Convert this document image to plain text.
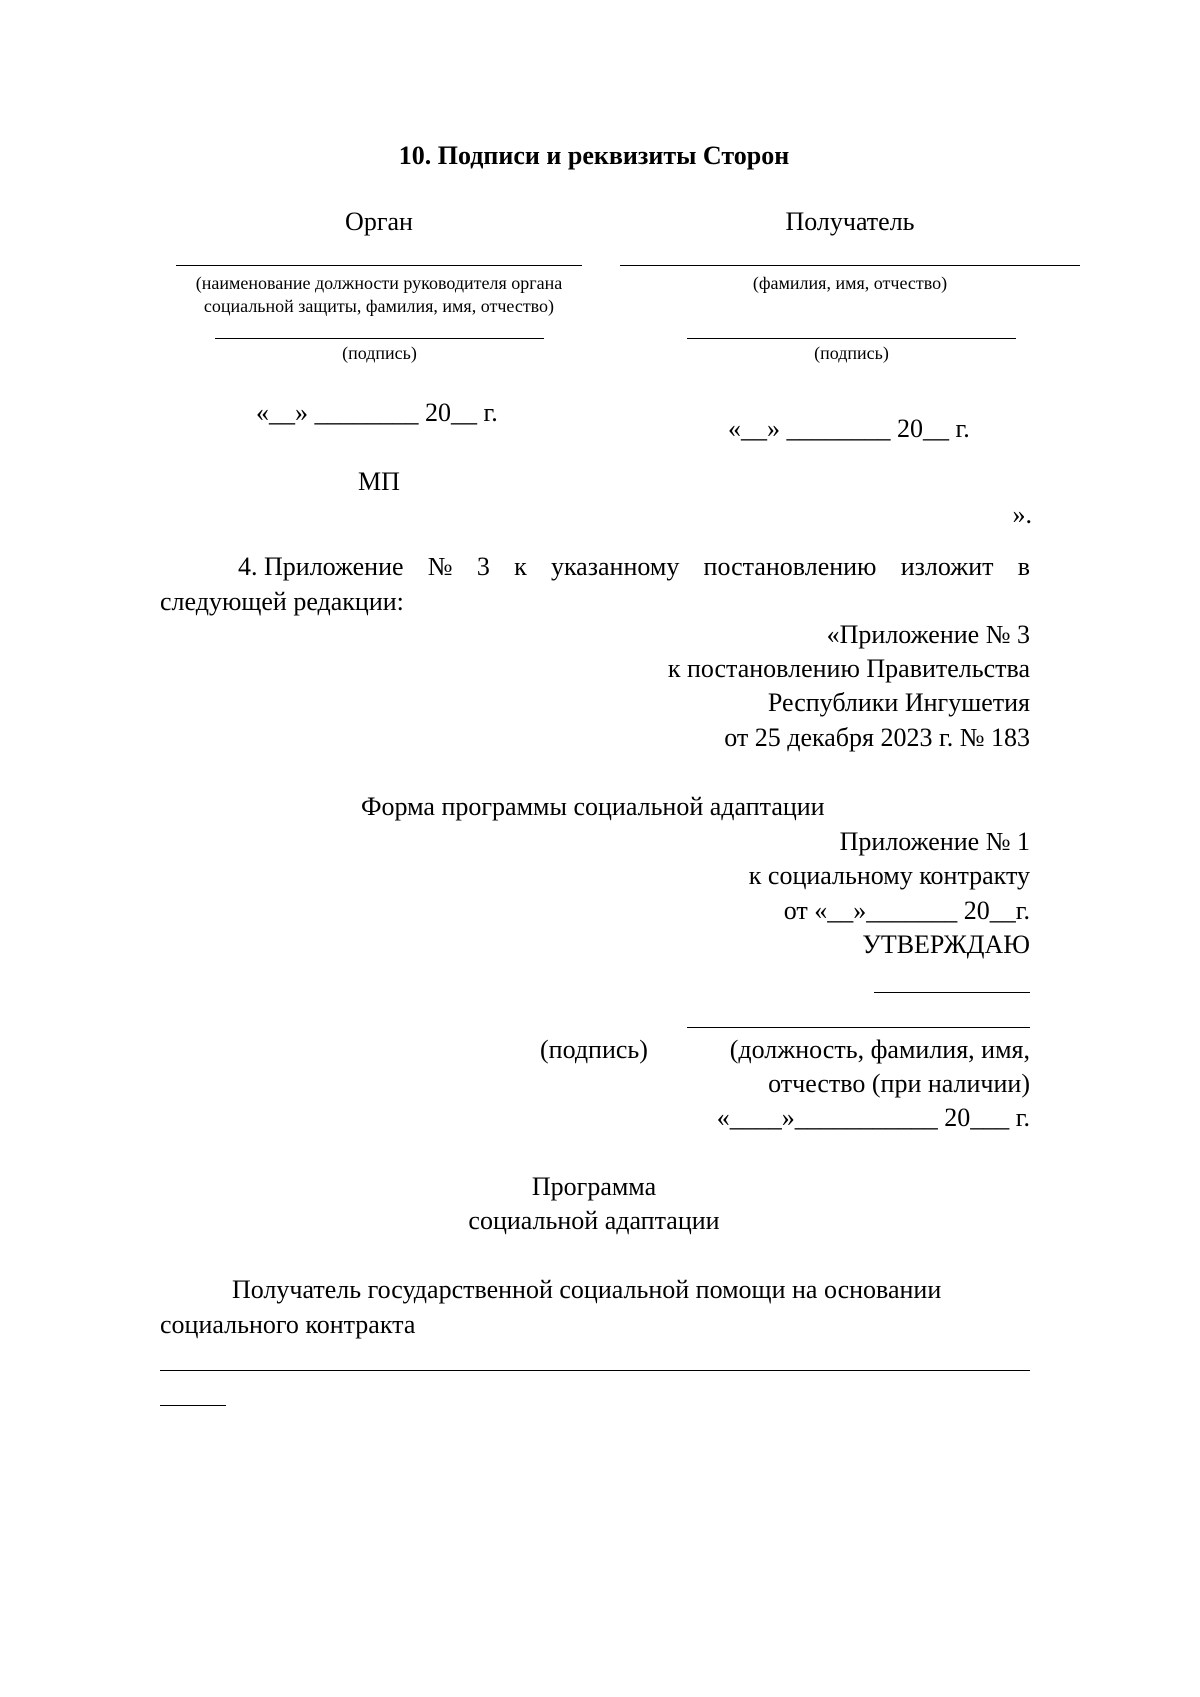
10. Подписи и реквизиты Сторон
Орган
(наименование должности руководителя органа
социальной защиты, фамилия, имя, отчество)
(подпись)
«__» ________ 20__ г.
МП
Получатель
(фамилия, имя, отчество)
(подпись)
«__» ________ 20__ г.
».
4. Приложение № 3 к указанному постановлению изложит в
следующей редакции:
«Приложение № 3
к постановлению Правительства
Республики Ингушетия
от 25 декабря 2023 г. № 183
Форма программы социальной адаптации
Приложение № 1
к социальному контракту
от «__»_______ 20__г.
УТВЕРЖДАЮ
(подпись)	(должность, фамилия, имя,
отчество (при наличии)
«____»___________ 20___ г.
Программа
социальной адаптации
Получатель государственной социальной помощи на основании
социального контракта
